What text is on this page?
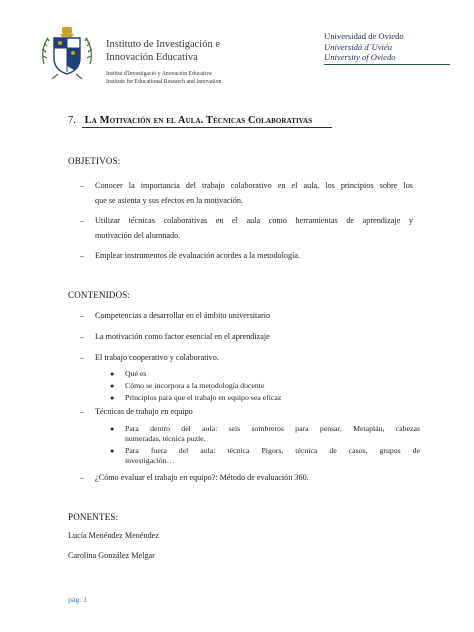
Instituto de Investigación e
Innovación Educativa
Institut d'Investigació y Anovación Educativa
Institute for Educational Research and Innovation
Universidad de Oviedo
Universidá d´Uviéu
University of Oviedo
7. La Motivación en el Aula. Técnicas Colaborativas
OBJETIVOS:
– Conocer la importancia del trabajo colaborativo en el aula, los principios sobre los
que se asienta y sus efectos en la motivación.
– Utilizar técnicas colaborativas en el aula como herramientas de aprendizaje y
motivación del alumnado.
– Emplear instrumentos de evaluación acordes a la metodología.
CONTENIDOS:
– Competencias a desarrollar en el ámbito universitario
– La motivación como factor esencial en el aprendizaje
– El trabajo cooperativo y colaborativo.
● Qué es
● Cómo se incorpora a la metodología docente
● Principios para que el trabajo en equipo sea eficaz
– Técnicas de trabajo en equipo
● Para dentro del aula: seis sombreros para pensar, Metaplán, cabezas
numeradas, técnica puzle.
● Para fuera del aula: técnica Pigors, técnica de casos, grupos de
investigación…
– ¿Cómo evaluar el trabajo en equipo?: Método de evaluación 360.
PONENTES:
Lucía Menéndez Menéndez
Carolina González Melgar
pág. 1
